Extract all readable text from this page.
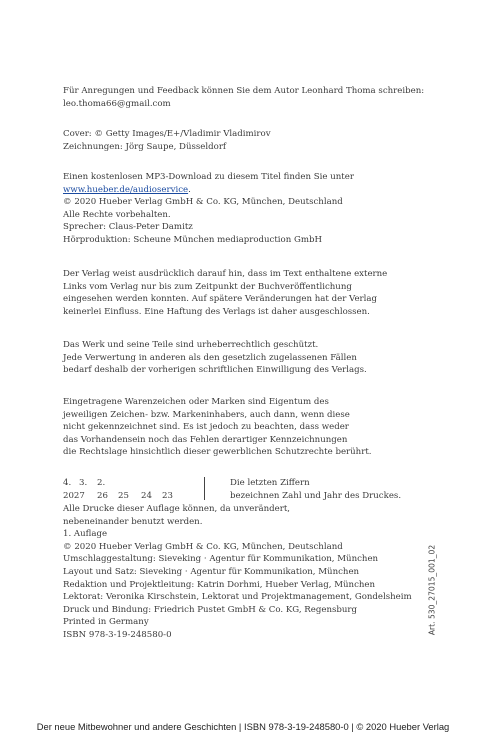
Für Anregungen und Feedback können Sie dem Autor Leonhard Thoma schreiben:

leo.thoma66@gmail.com

Cover: © Getty Images/E+/Vladimir Vladimirov

Zeichnungen: Jörg Saupe, Düsseldorf

Einen kostenlosen MP3-Download zu diesem Titel finden Sie unter

www.hueber.de/audioservice.

© 2020 Hueber Verlag GmbH & Co. KG, München, Deutschland

Alle Rechte vorbehalten.

Sprecher: Claus-Peter Damitz

Hörproduktion: Scheune München mediaproduction GmbH

Der Verlag weist ausdrücklich darauf hin, dass im Text enthaltene externe

Links vom Verlag nur bis zum Zeitpunkt der Buchveröffentlichung

eingesehen werden konnten. Auf spätere Veränderungen hat der Verlag

keinerlei Einfluss. Eine Haftung des Verlags ist daher ausgeschlossen.

Das Werk und seine Teile sind urheberrechtlich geschützt.

Jede Verwertung in anderen als den gesetzlich zugelassenen Fällen

bedarf deshalb der vorherigen schriftlichen Einwilligung des Verlags.

Eingetragene Warenzeichen oder Marken sind Eigentum des

jeweiligen Zeichen- bzw. Markeninhabers, auch dann, wenn diese

nicht gekennzeichnet sind. Es ist jedoch zu beachten, dass weder

das Vorhandensein noch das Fehlen derartiger Kennzeichnungen

die Rechtslage hinsichtlich dieser gewerblichen Schutzrechte berührt.

4. 3. 2.
2027 26 25 24 23
Die letzten Ziffern
bezeichnen Zahl und Jahr des Druckes.

Alle Drucke dieser Auflage können, da unverändert,

nebeneinander benutzt werden.

1. Auflage

© 2020 Hueber Verlag GmbH & Co. KG, München, Deutschland

Umschlaggestaltung: Sieveking · Agentur für Kommunikation, München

Layout und Satz: Sieveking · Agentur für Kommunikation, München

Redaktion und Projektleitung: Katrin Dorhmi, Hueber Verlag, München

Lektorat: Veronika Kirschstein, Lektorat und Projektmanagement, Gondelsheim

Druck und Bindung: Friedrich Pustet GmbH & Co. KG, Regensburg

Printed in Germany

ISBN 978-3-19-248580-0	Art. 530_27015_001_02
Der neue Mitbewohner und andere Geschichten | ISBN 978-3-19-248580-0 | © 2020 Hueber Verlag
